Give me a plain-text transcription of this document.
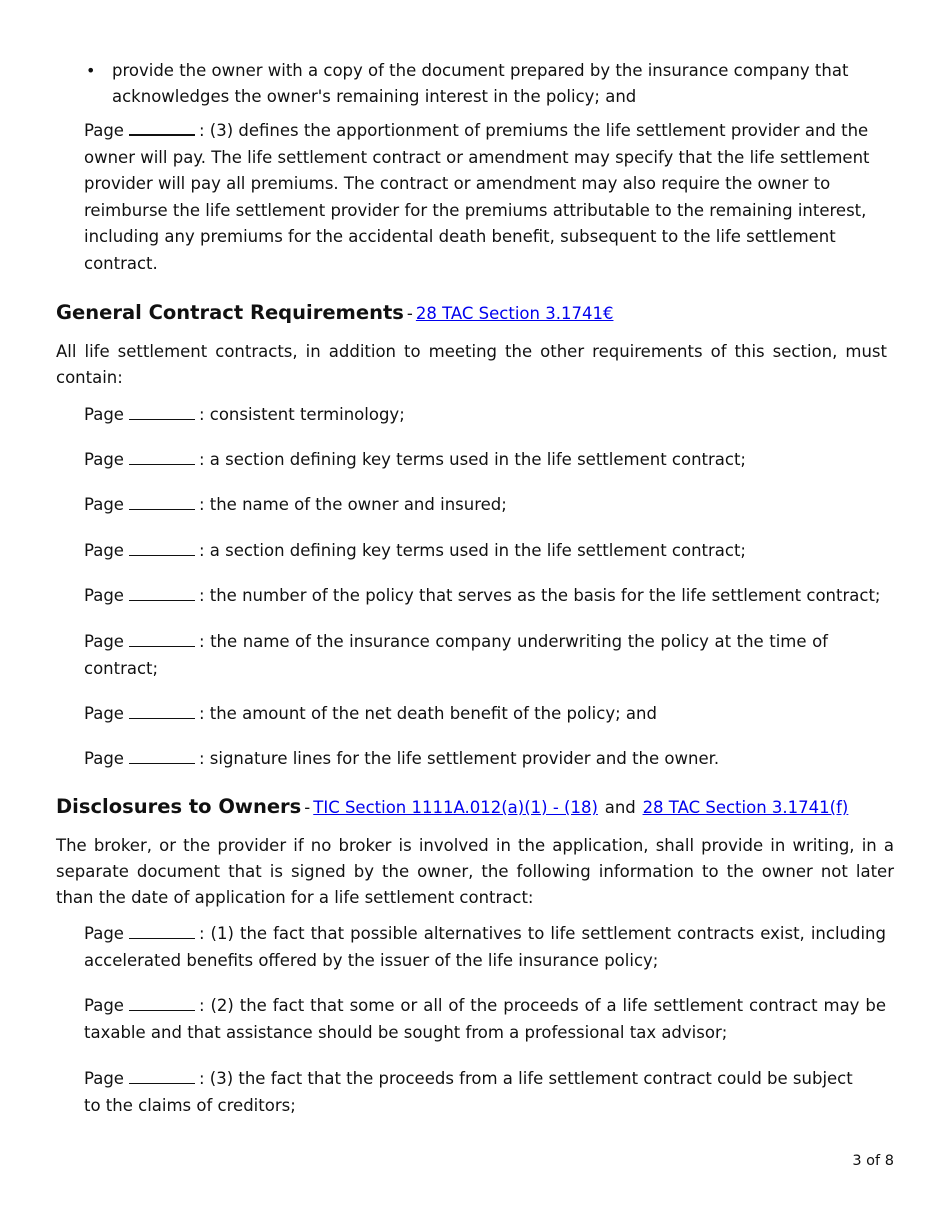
• provide the owner with a copy of the document prepared by the insurance company that acknowledges the owner's remaining interest in the policy; and
Page	: (3) defines the apportionment of premiums the life settlement provider and the owner will pay. The life settlement contract or amendment may specify that the life settlement provider will pay all premiums. The contract or amendment may also require the owner to reimburse the life settlement provider for the premiums attributable to the remaining interest, including any premiums for the accidental death benefit, subsequent to the life settlement contract.
General Contract Requirements - 28 TAC Section 3.1741€
All life settlement contracts, in addition to meeting the other requirements of this section, must contain:
Page	: consistent terminology;
Page	: a section defining key terms used in the life settlement contract;
Page	: the name of the owner and insured;
Page	: a section defining key terms used in the life settlement contract;
Page	: the number of the policy that serves as the basis for the life settlement contract;
Page	: the name of the insurance company underwriting the policy at the time of contract;
Page	: the amount of the net death benefit of the policy; and
Page	: signature lines for the life settlement provider and the owner.
Disclosures to Owners - TIC Section 1111A.012(a)(1) - (18) and 28 TAC Section 3.1741(f)
The broker, or the provider if no broker is involved in the application, shall provide in writing, in a separate document that is signed by the owner, the following information to the owner not later than the date of application for a life settlement contract:
Page	: (1) the fact that possible alternatives to life settlement contracts exist, including accelerated benefits offered by the issuer of the life insurance policy;
Page	: (2) the fact that some or all of the proceeds of a life settlement contract may be taxable and that assistance should be sought from a professional tax advisor;
Page	: (3) the fact that the proceeds from a life settlement contract could be subject to the claims of creditors;
3 of 8
